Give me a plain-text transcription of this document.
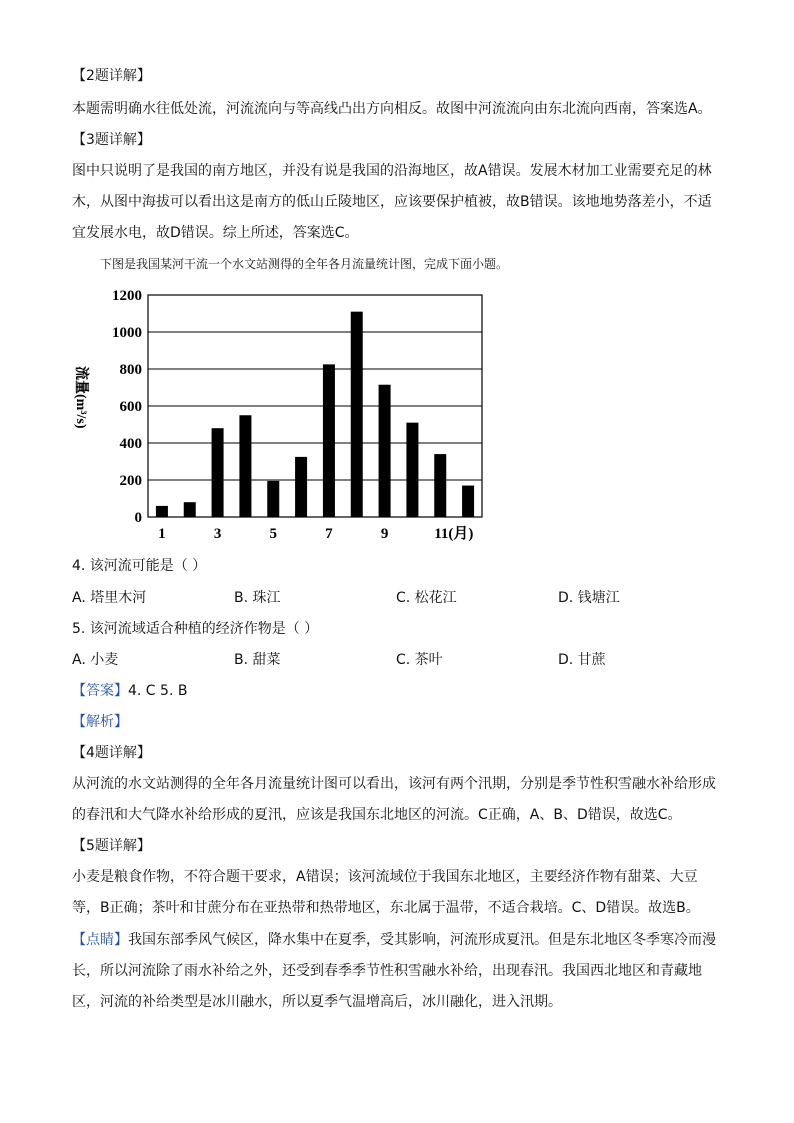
【2题详解】
本题需明确水往低处流，河流流向与等高线凸出方向相反。故图中河流流向由东北流向西南，答案选A。
【3题详解】
图中只说明了是我国的南方地区，并没有说是我国的沿海地区，故A错误。发展木材加工业需要充足的林
木，从图中海拔可以看出这是南方的低山丘陵地区，应该要保护植被，故B错误。该地地势落差小，不适
宜发展水电，故D错误。综上所述，答案选C。
下图是我国某河干流一个水文站测得的全年各月流量统计图，完成下面小题。
0
200
400
600
800
1000
1200
1	3	5	7	9	11(月)
流量(m³/s)
4. 该河流可能是（ ）
A. 塔里木河	B. 珠江	C. 松花江	D. 钱塘江
5. 该河流域适合种植的经济作物是（ ）
A. 小麦	B. 甜菜	C. 茶叶	D. 甘蔗
【答案】4. C 5. B
【解析】
【4题详解】
从河流的水文站测得的全年各月流量统计图可以看出，该河有两个汛期，分别是季节性积雪融水补给形成
的春汛和大气降水补给形成的夏汛，应该是我国东北地区的河流。C正确，A、B、D错误，故选C。
【5题详解】
小麦是粮食作物，不符合题干要求，A错误；该河流域位于我国东北地区，主要经济作物有甜菜、大豆
等，B正确；茶叶和甘蔗分布在亚热带和热带地区，东北属于温带，不适合栽培。C、D错误。故选B。
【点睛】我国东部季风气候区，降水集中在夏季，受其影响，河流形成夏汛。但是东北地区冬季寒冷而漫
长，所以河流除了雨水补给之外，还受到春季季节性积雪融水补给，出现春汛。我国西北地区和青藏地
区，河流的补给类型是冰川融水，所以夏季气温增高后，冰川融化，进入汛期。
